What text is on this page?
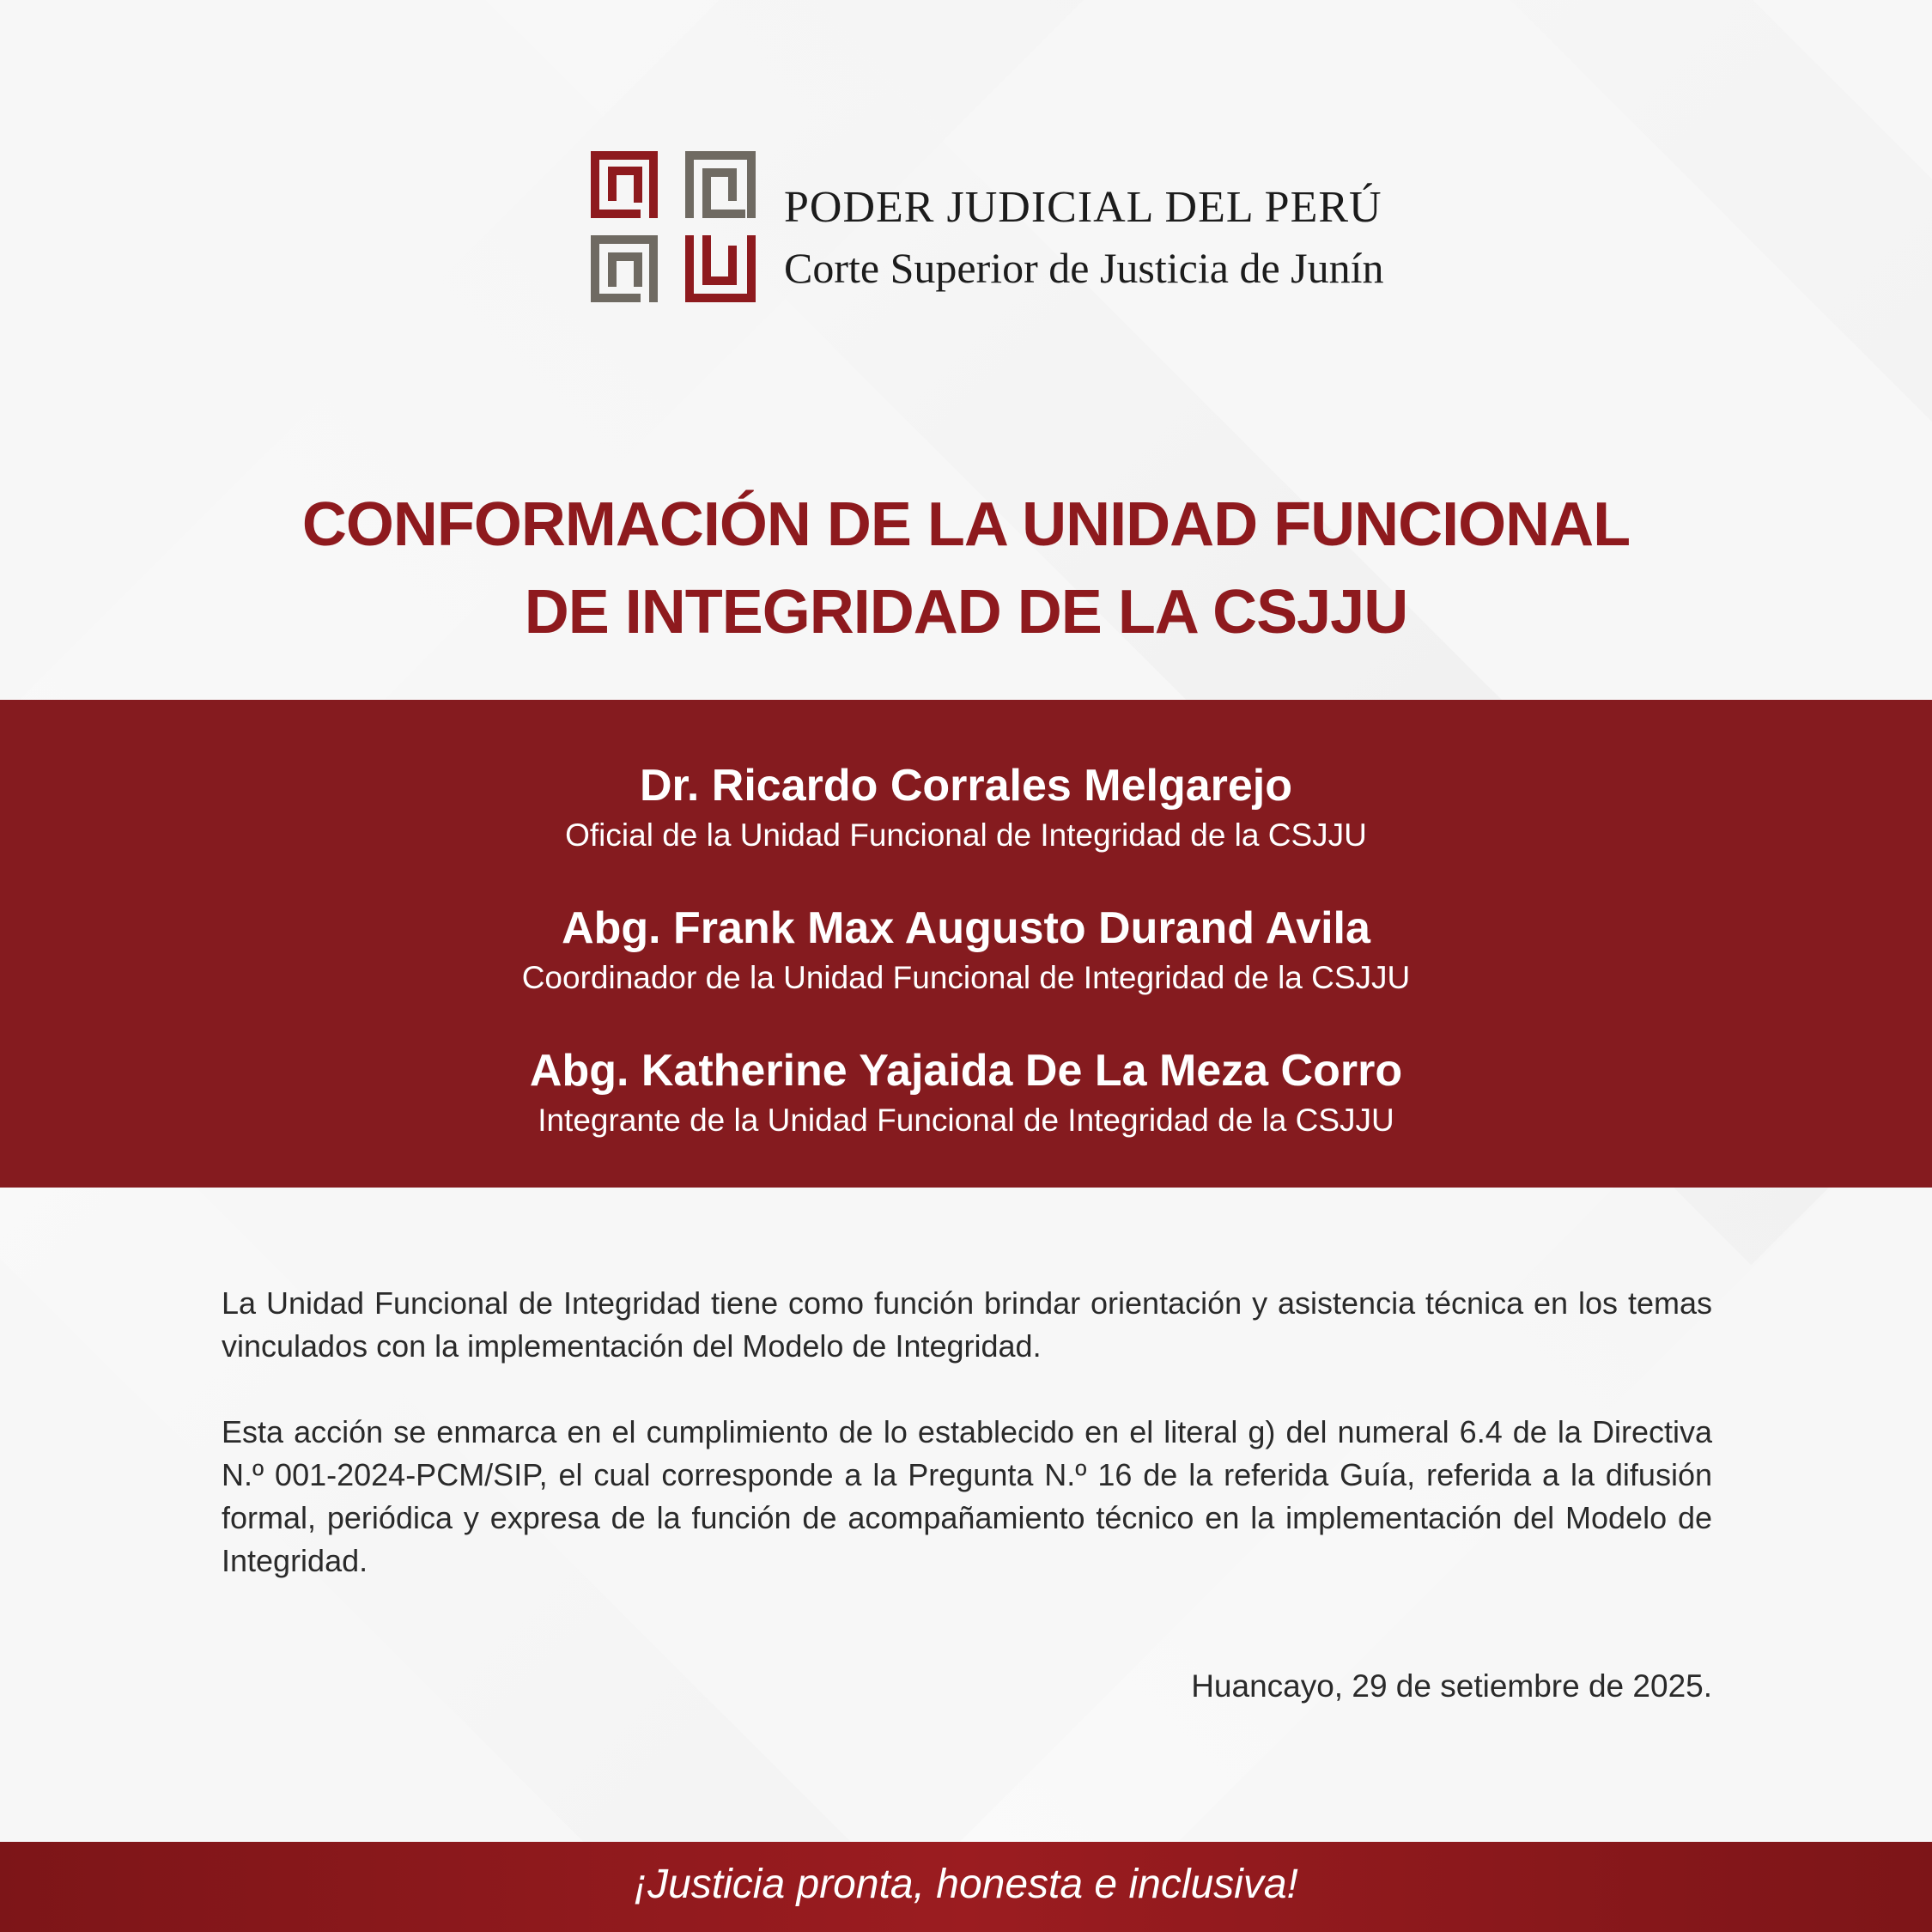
PODER JUDICIAL DEL PERÚ
Corte Superior de Justicia de Junín
CONFORMACIÓN DE LA UNIDAD FUNCIONAL
DE INTEGRIDAD DE LA CSJJU
Dr. Ricardo Corrales Melgarejo
Oficial de la Unidad Funcional de Integridad de la CSJJU
Abg. Frank Max Augusto Durand Avila
Coordinador de la Unidad Funcional de Integridad de la CSJJU
Abg. Katherine Yajaida De La Meza Corro
Integrante de la Unidad Funcional de Integridad de la CSJJU
La Unidad Funcional de Integridad tiene como función brindar orientación y asistencia técnica en los temas vinculados con la implementación del Modelo de Integridad.
Esta acción se enmarca en el cumplimiento de lo establecido en el literal g) del numeral 6.4 de la Directiva N.º 001-2024-PCM/SIP, el cual corresponde a la Pregunta N.º 16 de la referida Guía, referida a la difusión formal, periódica y expresa de la función de acompañamiento técnico en la implementación del Modelo de Integridad.
Huancayo, 29 de setiembre de 2025.
¡Justicia pronta, honesta e inclusiva!
